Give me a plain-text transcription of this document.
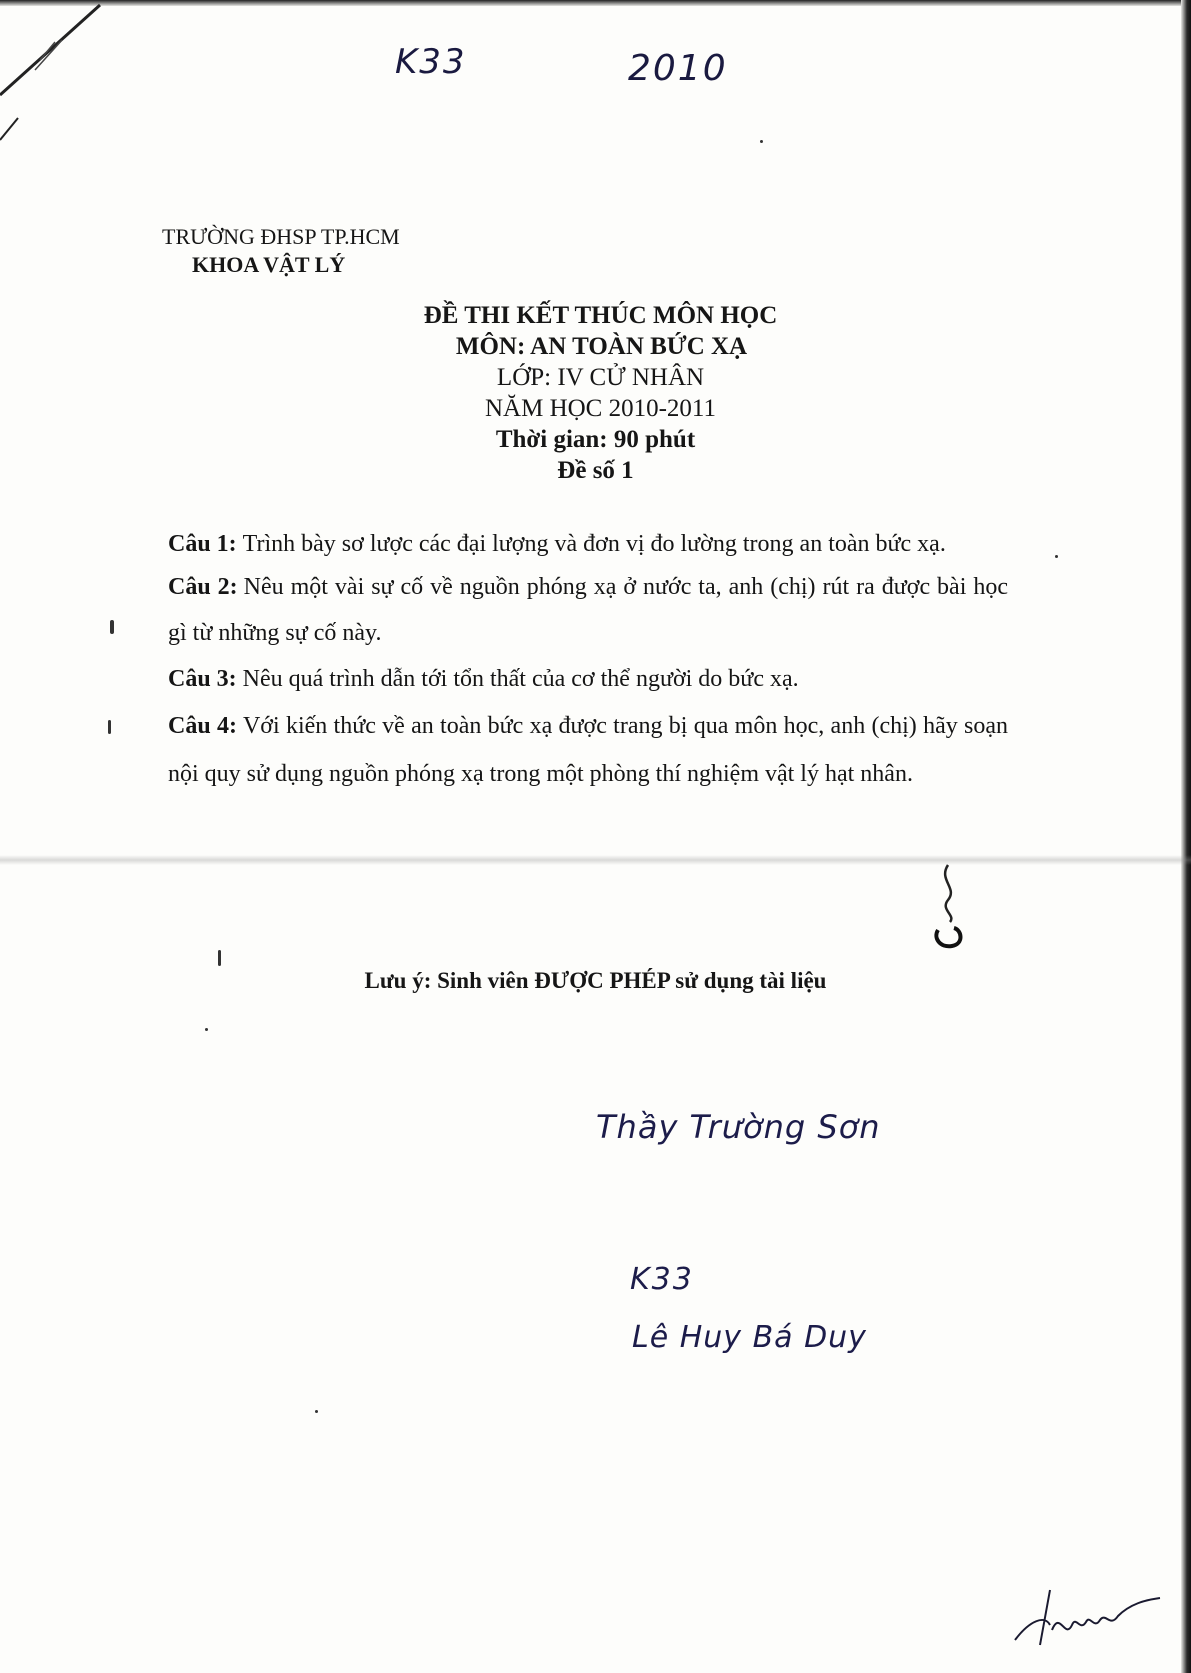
K33	2010
TRƯỜNG ĐHSP TP.HCM
KHOA VẬT LÝ
ĐỀ THI KẾT THÚC MÔN HỌC
MÔN: AN TOÀN BỨC XẠ
LỚP: IV CỬ NHÂN
NĂM HỌC 2010-2011
Thời gian: 90 phút
Đề số 1

Câu 1: Trình bày sơ lược các đại lượng và đơn vị đo lường trong an toàn bức xạ.

Câu 2: Nêu một vài sự cố về nguồn phóng xạ ở nước ta, anh (chị) rút ra được bài học gì từ những sự cố này.

Câu 3: Nêu quá trình dẫn tới tổn thất của cơ thể người do bức xạ.

Câu 4: Với kiến thức về an toàn bức xạ được trang bị qua môn học, anh (chị) hãy soạn nội quy sử dụng nguồn phóng xạ trong một phòng thí nghiệm vật lý hạt nhân.

Lưu ý: Sinh viên ĐƯỢC PHÉP sử dụng tài liệu
Thầy Trường Sơn
K33
Lê Huy Bá Duy
